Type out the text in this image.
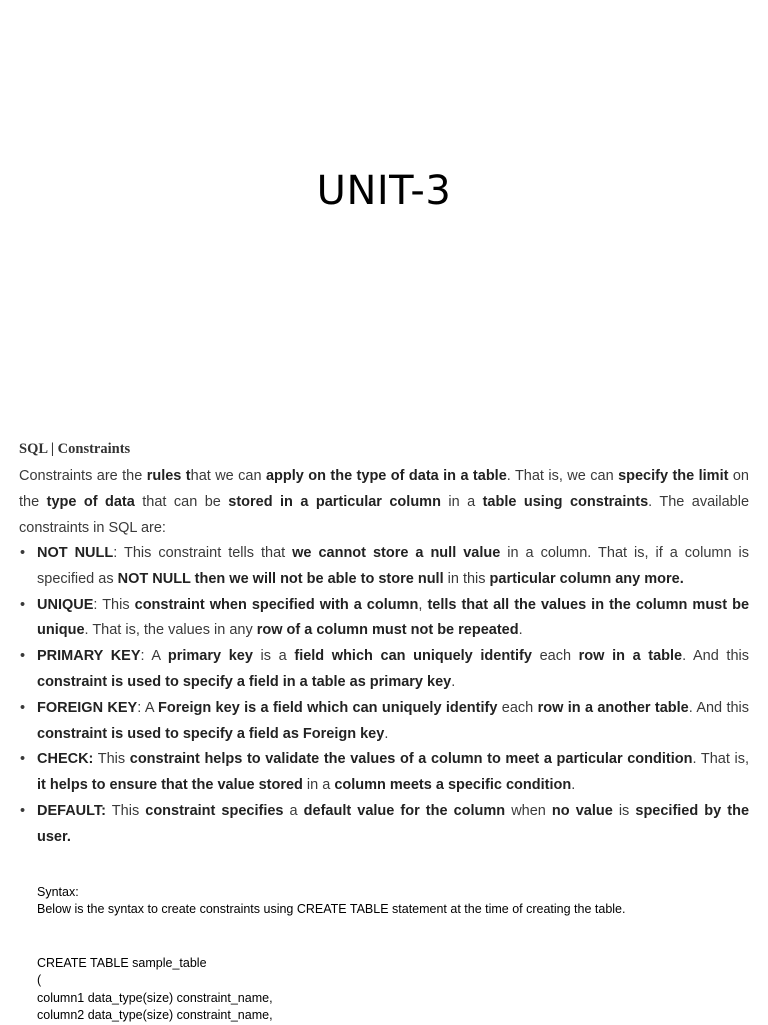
UNIT-3
SQL | Constraints

Constraints are the rules that we can apply on the type of data in a table. That is, we can specify the limit on the type of data that can be stored in a particular column in a table using constraints. The available constraints in SQL are:

• NOT NULL: This constraint tells that we cannot store a null value in a column. That is, if a column is specified as NOT NULL then we will not be able to store null in this particular column any more.
• UNIQUE: This constraint when specified with a column, tells that all the values in the column must be unique. That is, the values in any row of a column must not be repeated.
• PRIMARY KEY: A primary key is a field which can uniquely identify each row in a table. And this constraint is used to specify a field in a table as primary key.
• FOREIGN KEY: A Foreign key is a field which can uniquely identify each row in a another table. And this constraint is used to specify a field as Foreign key.
• CHECK: This constraint helps to validate the values of a column to meet a particular condition. That is, it helps to ensure that the value stored in a column meets a specific condition.
• DEFAULT: This constraint specifies a default value for the column when no value is specified by the user.
Syntax:
Below is the syntax to create constraints using CREATE TABLE statement at the time of creating the table.
CREATE TABLE sample_table
(
column1 data_type(size) constraint_name,
column2 data_type(size) constraint_name,
